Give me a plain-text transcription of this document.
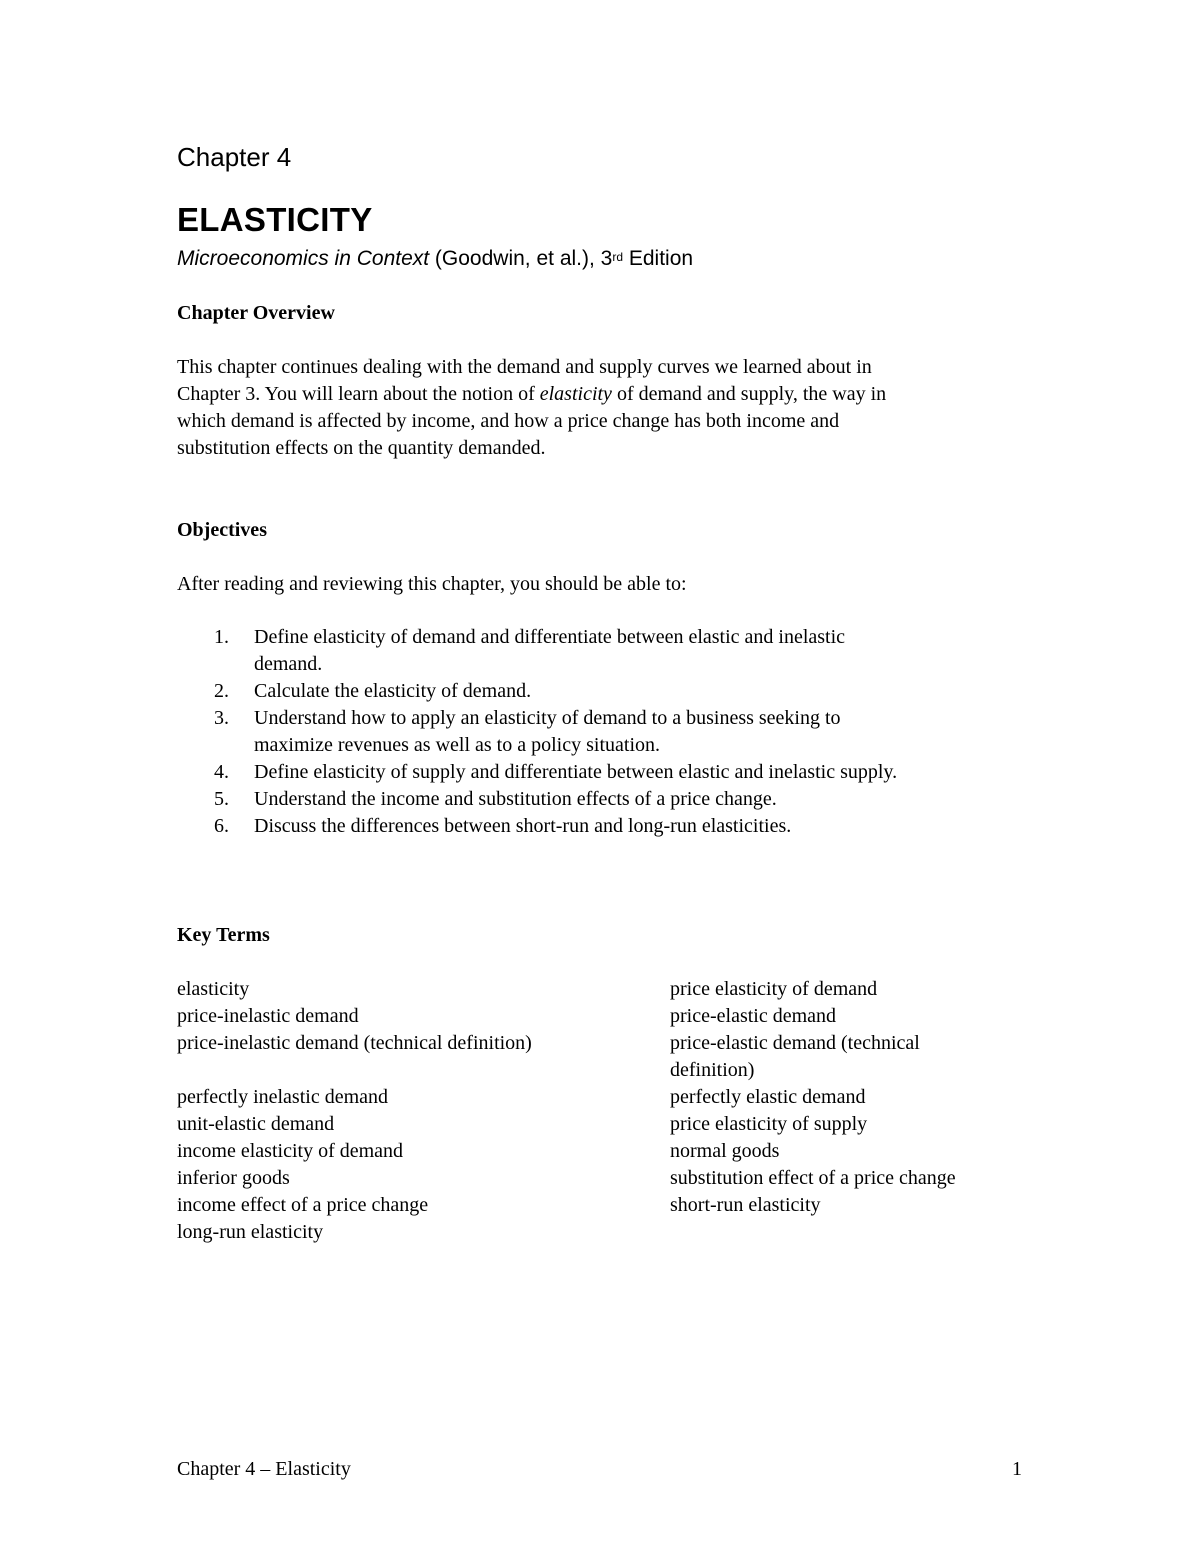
Chapter 4
ELASTICITY
Microeconomics in Context (Goodwin, et al.), 3rd Edition
Chapter Overview
This chapter continues dealing with the demand and supply curves we learned about in
Chapter 3. You will learn about the notion of elasticity of demand and supply, the way in
which demand is affected by income, and how a price change has both income and
substitution effects on the quantity demanded.
Objectives
After reading and reviewing this chapter, you should be able to:
1. Define elasticity of demand and differentiate between elastic and inelastic
demand.
2. Calculate the elasticity of demand.
3. Understand how to apply an elasticity of demand to a business seeking to
maximize revenues as well as to a policy situation.
4. Define elasticity of supply and differentiate between elastic and inelastic supply.
5. Understand the income and substitution effects of a price change.
6. Discuss the differences between short-run and long-run elasticities.
Key Terms
elasticity
price-inelastic demand
price-inelastic demand (technical definition)
perfectly inelastic demand
unit-elastic demand
income elasticity of demand
inferior goods
income effect of a price change
long-run elasticity
price elasticity of demand
price-elastic demand
price-elastic demand (technical
definition)
perfectly elastic demand
price elasticity of supply
normal goods
substitution effect of a price change
short-run elasticity
Chapter 4 – Elasticity	1
